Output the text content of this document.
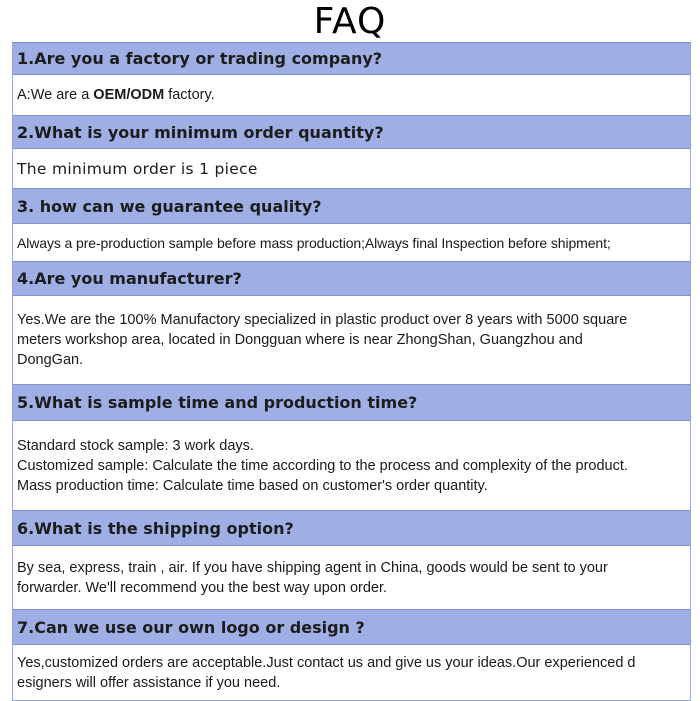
FAQ
1.Are you a factory or trading company?
A:We are a OEM/ODM factory.
2.What is your minimum order quantity?
The minimum order is 1 piece
3. how can we guarantee quality?
Always a pre-production sample before mass production;Always final Inspection before shipment;
4.Are you manufacturer?
Yes.We are the 100% Manufactory specialized in plastic product over 8 years with 5000 square
meters workshop area, located in Dongguan where is near ZhongShan, Guangzhou and
DongGan.
5.What is sample time and production time?
Standard stock sample: 3 work days.
Customized sample: Calculate the time according to the process and complexity of the product.
Mass production time: Calculate time based on customer's order quantity.
6.What is the shipping option?
By sea, express, train , air. If you have shipping agent in China, goods would be sent to your
forwarder. We'll recommend you the best way upon order.
7.Can we use our own logo or design ?
Yes,customized orders are acceptable.Just contact us and give us your ideas.Our experienced d
esigners will offer assistance if you need.
